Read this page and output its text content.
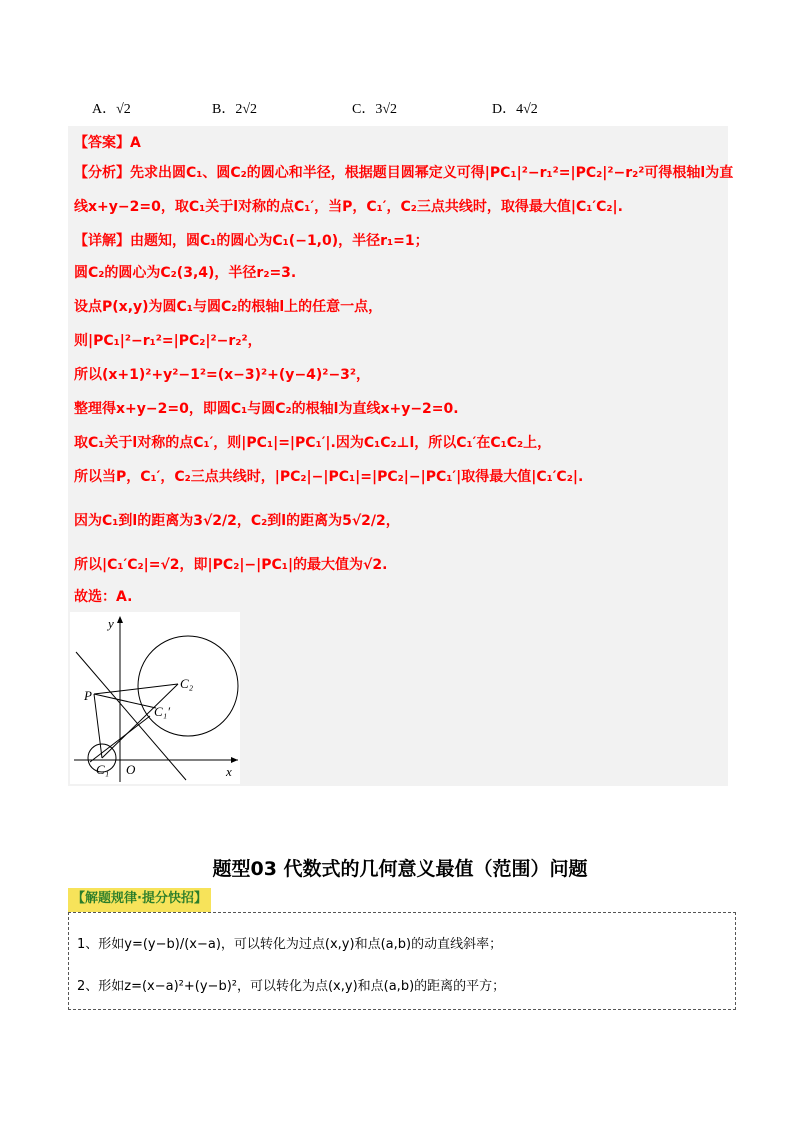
A．√2	B．2√2	C．3√2	D．4√2
【答案】A
【分析】先求出圆C₁、圆C₂的圆心和半径，根据题目圆幂定义可得|PC₁|²−r₁²=|PC₂|²−r₂²可得根轴l为直
线x+y−2=0，取C₁关于l对称的点C₁′，当P，C₁′，C₂三点共线时，取得最大值|C₁′C₂|.
【详解】由题知，圆C₁的圆心为C₁(−1,0)，半径r₁=1；
圆C₂的圆心为C₂(3,4)，半径r₂=3.
设点P(x,y)为圆C₁与圆C₂的根轴l上的任意一点，
则|PC₁|²−r₁²=|PC₂|²−r₂²，
所以(x+1)²+y²−1²=(x−3)²+(y−4)²−3²，
整理得x+y−2=0，即圆C₁与圆C₂的根轴l为直线x+y−2=0.
取C₁关于l对称的点C₁′，则|PC₁|=|PC₁′|.因为C₁C₂⊥l，所以C₁′在C₁C₂上，
所以当P，C₁′，C₂三点共线时，|PC₂|−|PC₁|=|PC₂|−|PC₁′|取得最大值|C₁′C₂|.
因为C₁到l的距离为3√2/2，C₂到l的距离为5√2/2，
所以|C₁′C₂|=√2，即|PC₂|−|PC₁|的最大值为√2.
故选：A.
y
x
P
C₂
C₁′
C₁ O
题型03 代数式的几何意义最值（范围）问题
【解题规律·提分快招】
1、形如y=(y−b)/(x−a)，可以转化为过点(x,y)和点(a,b)的动直线斜率；
2、形如z=(x−a)²+(y−b)²，可以转化为点(x,y)和点(a,b)的距离的平方；
